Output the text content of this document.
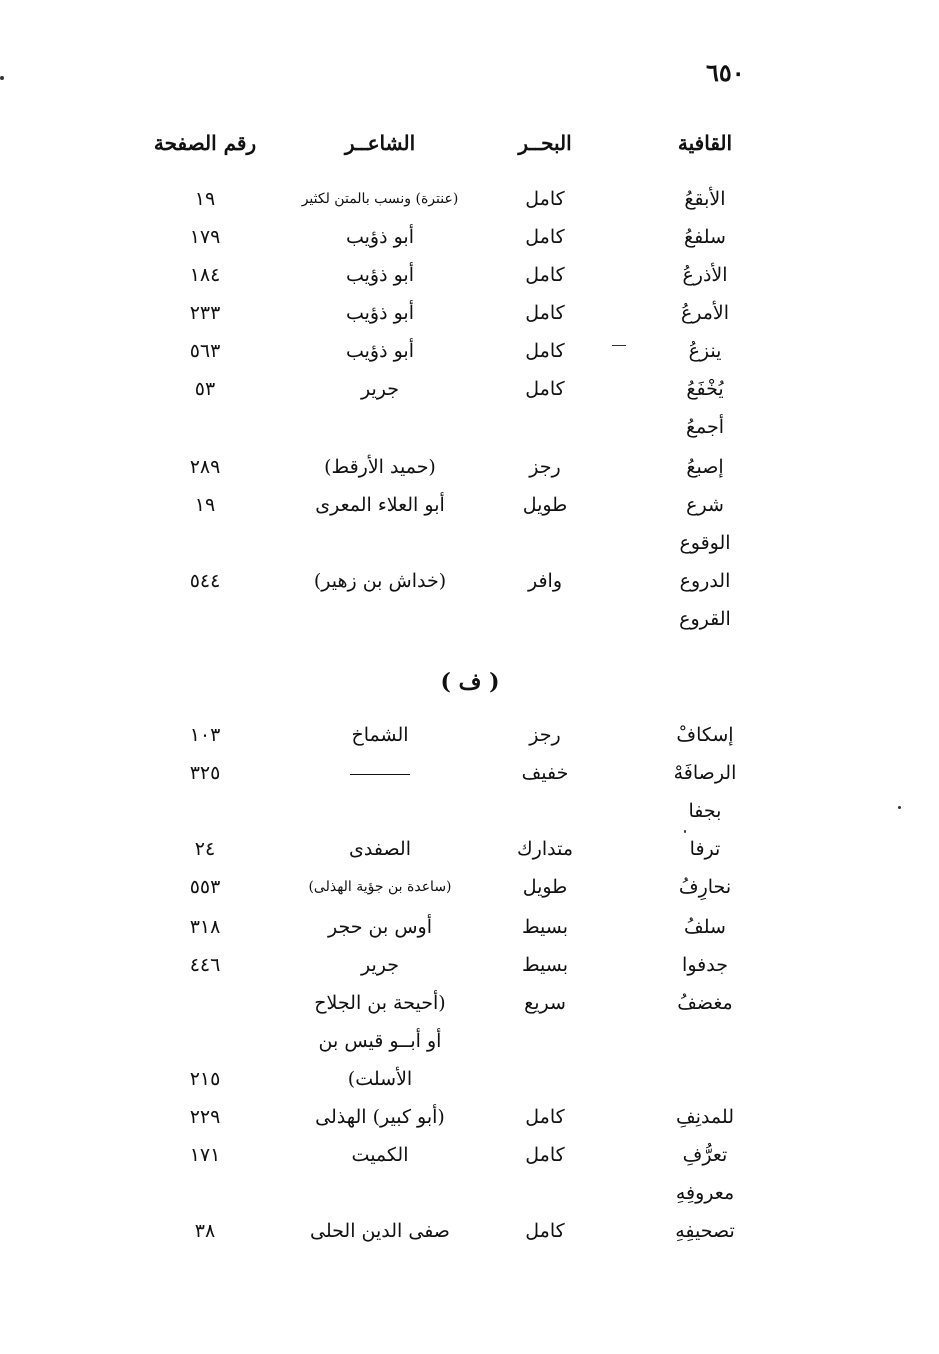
٦٥٠
القافية
البحــر
الشاعــر
رقم الصفحة
الأبقعُ
كامل
(عنترة) ونسب بالمتن لكثير
١٩
سلفعُ
كامل
أبو ذؤيب
١٧٩
الأذرعُ
كامل
أبو ذؤيب
١٨٤
الأمرعُ
كامل
أبو ذؤيب
٢٣٣
ينزعُ
كامل
أبو ذؤيب
٥٦٣
يُخْفَعُ
كامل
جرير
٥٣
أجمعُ
إصبعُ
رجز
(حميد الأرقط)
٢٨٩
شرع
طويل
أبو العلاء المعرى
١٩
الوقوع
الدروع
وافر
(خداش بن زهير)
٥٤٤
القروع
( ف )
إسكافْ
رجز
الشماخ
١٠٣
الرصافَهْ
خفيف
٣٢٥
بجفا
ترفا
متدارك
الصفدى
٢٤
نحارِفُ
طويل
(ساعدة بن جؤية الهذلى)
٥٥٣
سلفُ
بسيط
أوس بن حجر
٣١٨
جدفوا
بسيط
جرير
٤٤٦
مغضفُ
سريع
(أحيحة بن الجلاح
أو أبــو قيس بن
الأسلت)
٢١٥
للمدنِفِ
كامل
(أبو كبير) الهذلى
٢٢٩
تعرُّفِ
كامل
الكميت
١٧١
معروفِهِ
تصحيفِهِ
كامل
صفى الدين الحلى
٣٨
